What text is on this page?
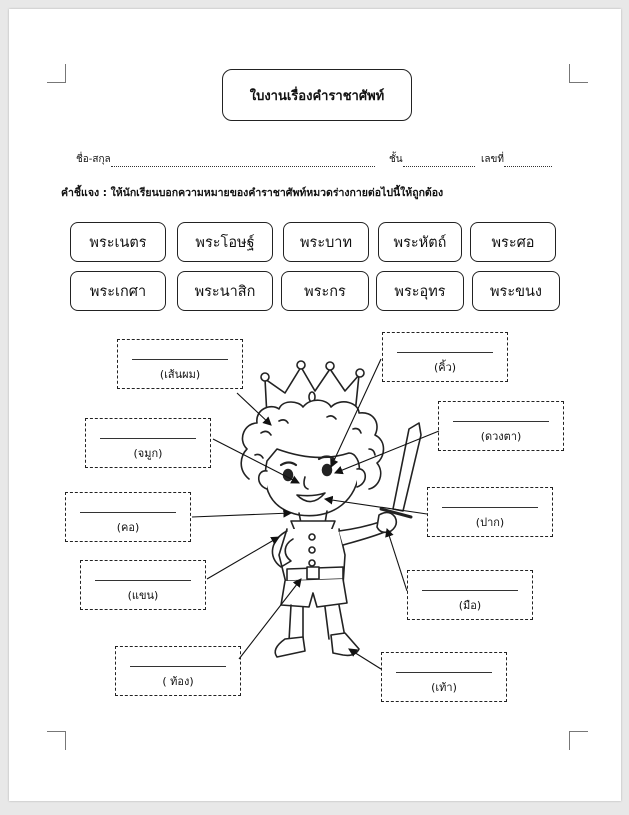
ใบงานเรื่องคำราชาศัพท์
ชื่อ-สกุล	ชั้น	เลขที่
คำชี้แจง : ให้นักเรียนบอกความหมายของคำราชาศัพท์หมวดร่างกายต่อไปนี้ให้ถูกต้อง
พระเนตร	พระโอษฐ์	พระบาท	พระหัตถ์	พระศอ
พระเกศา	พระนาสิก	พระกร	พระอุทร	พระขนง
(เส้นผม)
(คิ้ว)
(จมูก)
(ดวงตา)
(คอ)	(ปาก)
(แขน)
(มือ)
( ท้อง)	(เท้า)
